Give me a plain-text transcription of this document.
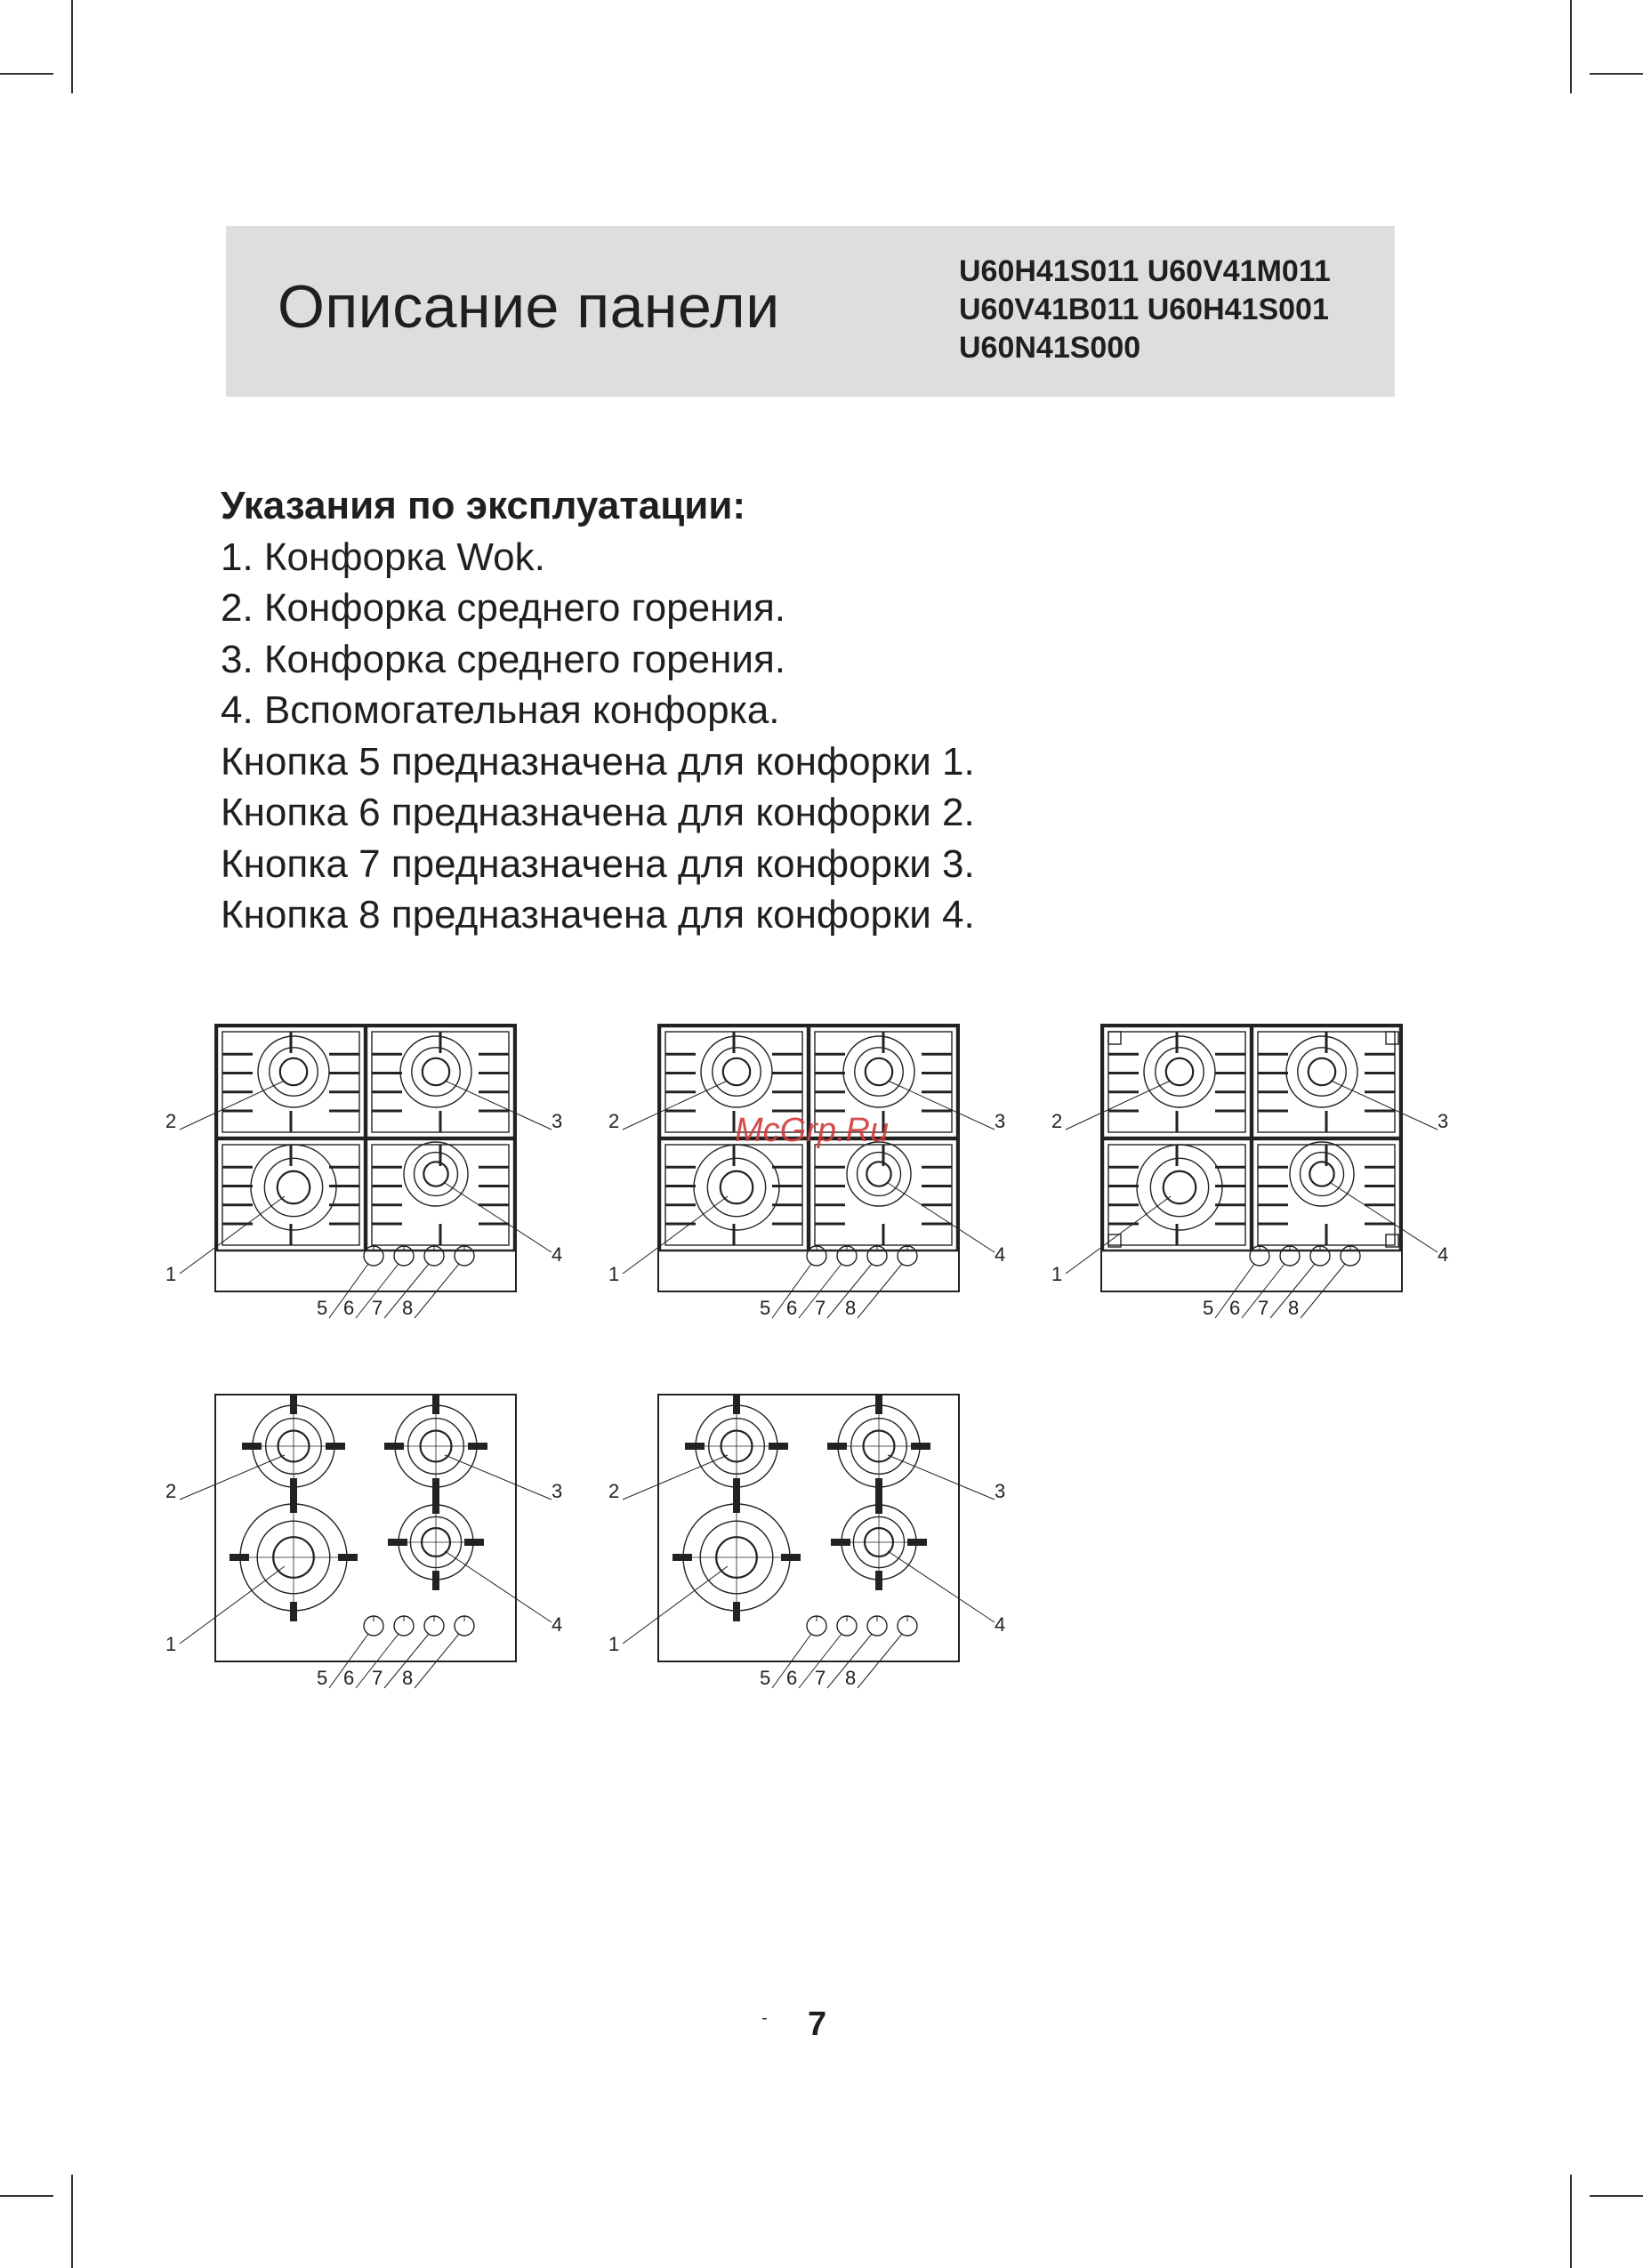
Описание панели
U60H41S011 U60V41M011
U60V41B011 U60H41S001
U60N41S000
Указания по эксплуатации:
1. Конфорка Wok.
2. Конфорка среднего горения.
3. Конфорка среднего горения.
4. Вспомогательная конфорка.
Кнопка 5 предназначена для конфорки 1.
Кнопка 6 предназначена для конфорки 2.
Кнопка 7 предназначена для конфорки 3.
Кнопка 8 предназначена для конфорки 4.
2
1
3
4
5 6 7 8
2
1
3
4
5 6 7 8
2
1
3
4
5 6 7 8
2
1
3
4
5 6 7 8
2
1
3
4
5 6 7 8
McGrp.Ru
- 7
